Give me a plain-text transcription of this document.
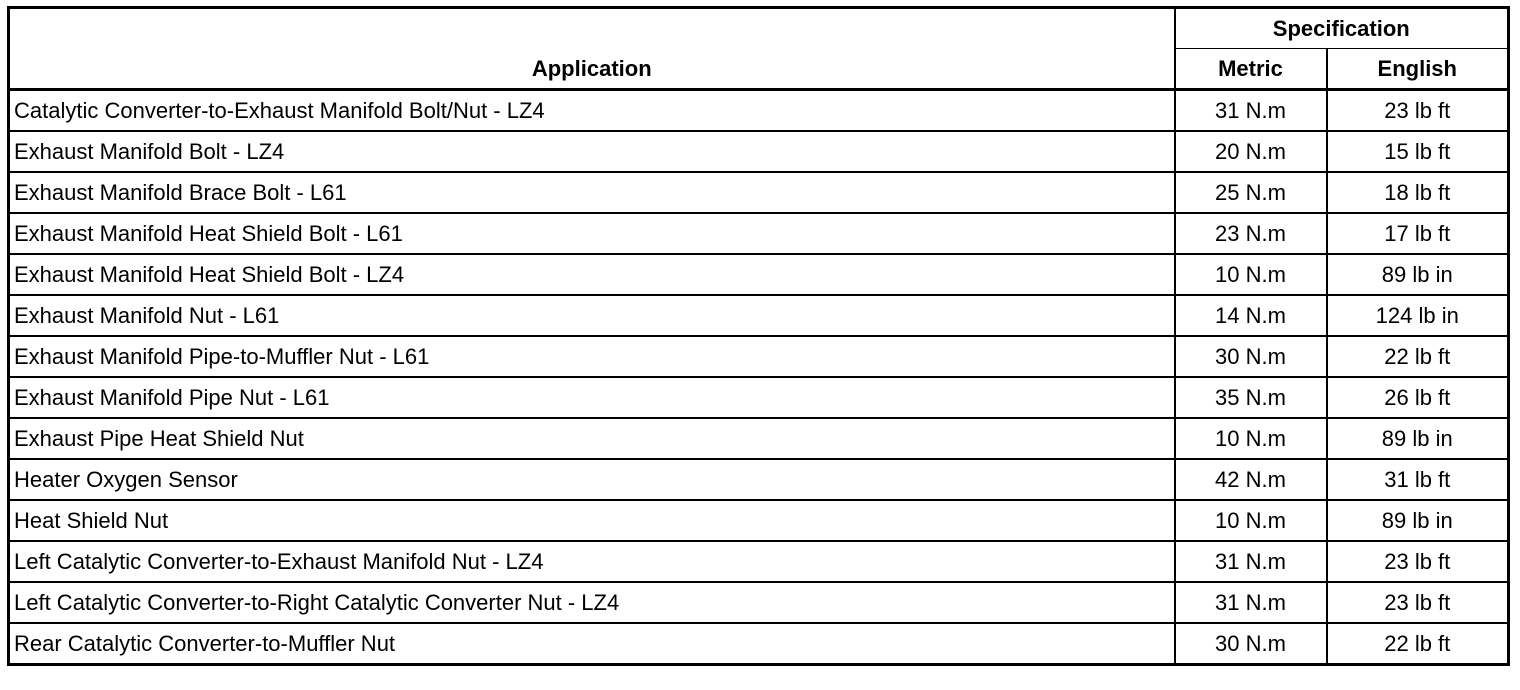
Application	Specification	
	Metric	English
Catalytic Converter-to-Exhaust Manifold Bolt/Nut - LZ4	31 N.m	23 lb ft
Exhaust Manifold Bolt - LZ4	20 N.m	15 lb ft
Exhaust Manifold Brace Bolt - L61	25 N.m	18 lb ft
Exhaust Manifold Heat Shield Bolt - L61	23 N.m	17 lb ft
Exhaust Manifold Heat Shield Bolt - LZ4	10 N.m	89 lb in
Exhaust Manifold Nut - L61	14 N.m	124 lb in
Exhaust Manifold Pipe-to-Muffler Nut - L61	30 N.m	22 lb ft
Exhaust Manifold Pipe Nut - L61	35 N.m	26 lb ft
Exhaust Pipe Heat Shield Nut	10 N.m	89 lb in
Heater Oxygen Sensor	42 N.m	31 lb ft
Heat Shield Nut	10 N.m	89 lb in
Left Catalytic Converter-to-Exhaust Manifold Nut - LZ4	31 N.m	23 lb ft
Left Catalytic Converter-to-Right Catalytic Converter Nut - LZ4	31 N.m	23 lb ft
Rear Catalytic Converter-to-Muffler Nut	30 N.m	22 lb ft
